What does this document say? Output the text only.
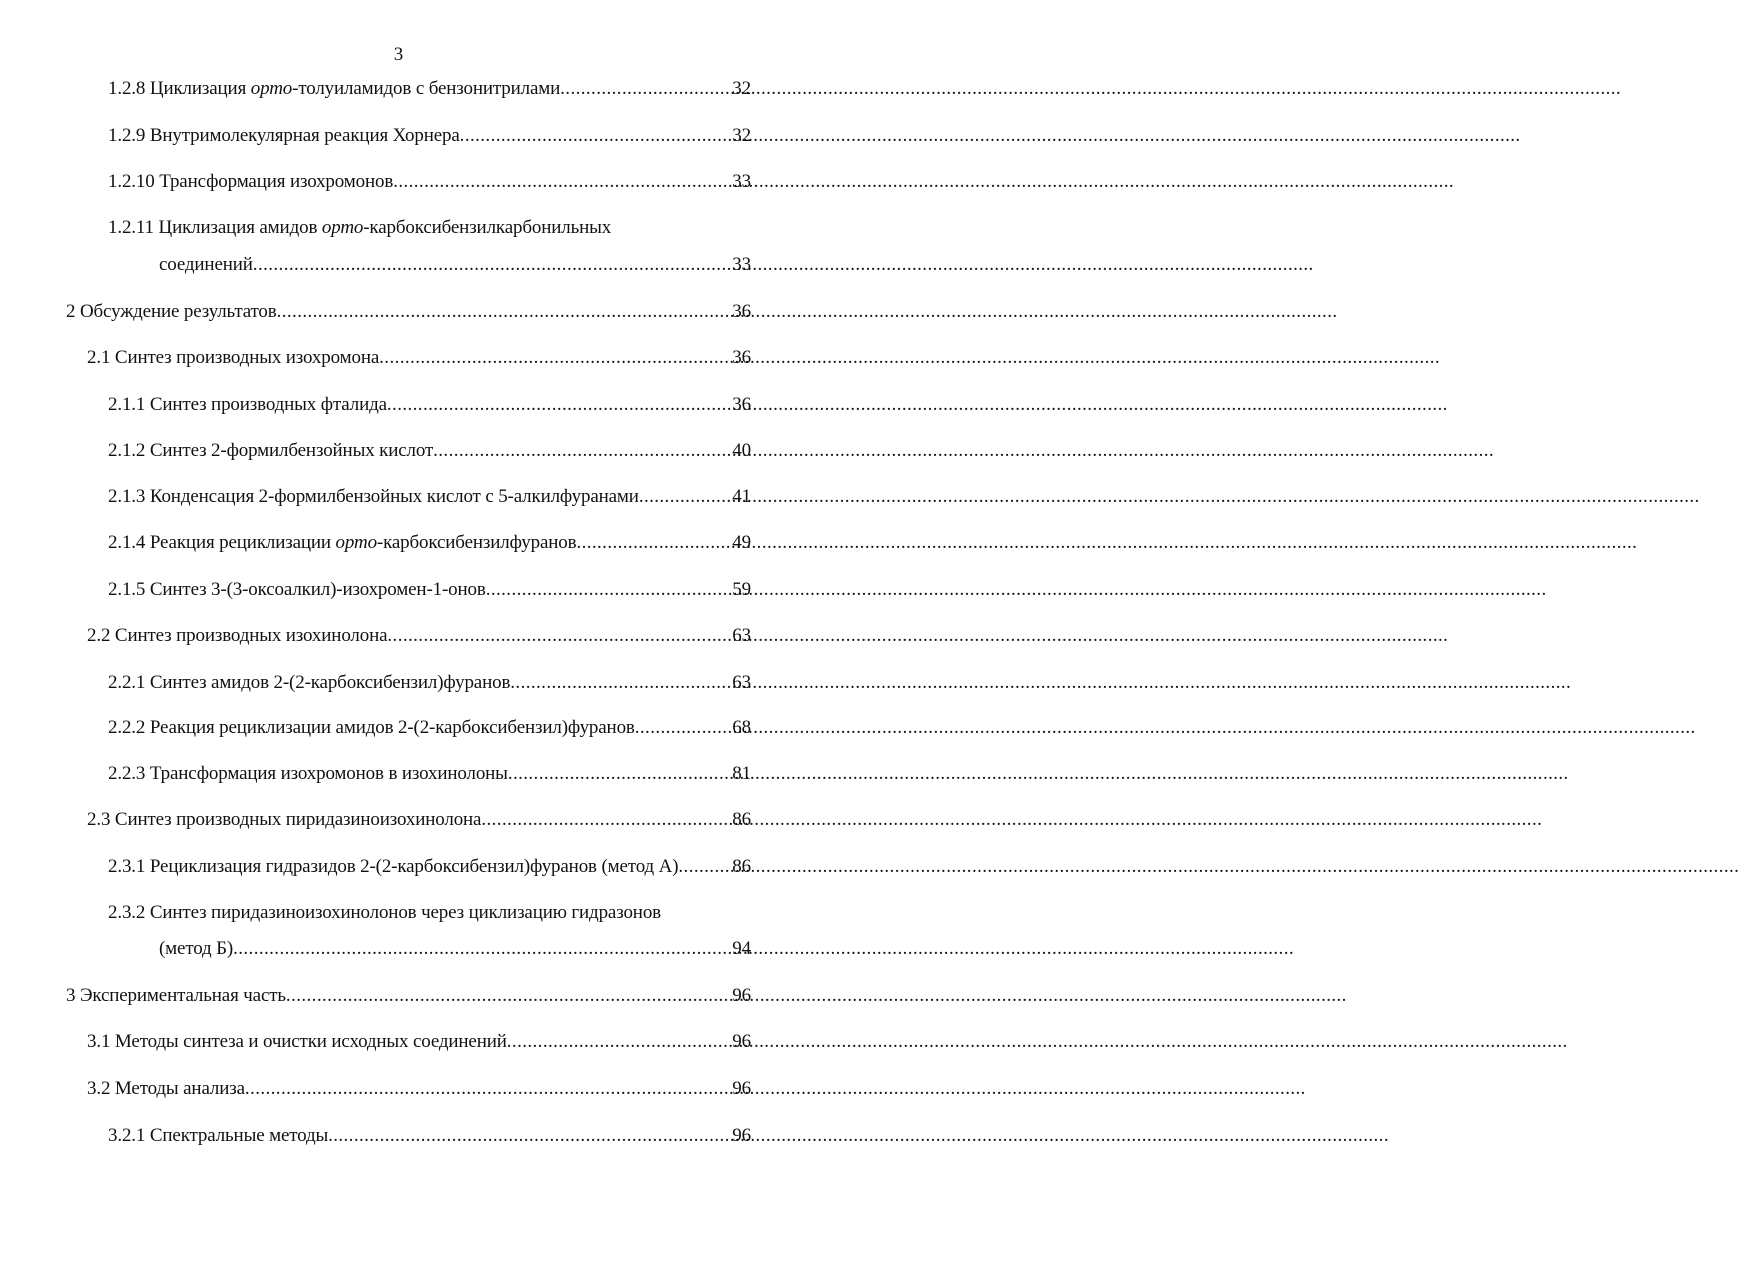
3
1.2.8 Циклизация орто-толуиламидов с бензонитрилами .....	32
1.2.9 Внутримолекулярная реакция Хорнера .....	32
1.2.10 Трансформация изохромонов .....	33
1.2.11 Циклизация амидов орто-карбоксибензилкарбонильных
соединений .....	33
2 Обсуждение результатов .....	36
2.1 Синтез производных изохромона .....	36
2.1.1 Синтез производных фталида .....	36
2.1.2 Синтез 2-формилбензойных кислот .....	40
2.1.3 Конденсация 2-формилбензойных кислот с 5-алкилфуранами .....	41
2.1.4 Реакция рециклизации орто-карбоксибензилфуранов .....	49
2.1.5 Синтез 3-(3-оксоалкил)-изохромен-1-онов .....	59
2.2 Синтез производных изохинолона .....	63
2.2.1 Синтез амидов 2-(2-карбоксибензил)фуранов .....	63
2.2.2 Реакция рециклизации амидов 2-(2-карбоксибензил)фуранов .....	68
2.2.3 Трансформация изохромонов в изохинолоны .....	81
2.3 Синтез производных пиридазиноизохинолона .....	86
2.3.1 Рециклизация гидразидов 2-(2-карбоксибензил)фуранов (метод А) .....	86
2.3.2 Синтез пиридазиноизохинолонов через циклизацию гидразонов
(метод Б) .....	94
3 Экспериментальная часть .....	96
3.1 Методы синтеза и очистки исходных соединений .....	96
3.2 Методы анализа .....	96
3.2.1 Спектральные методы .....	96
